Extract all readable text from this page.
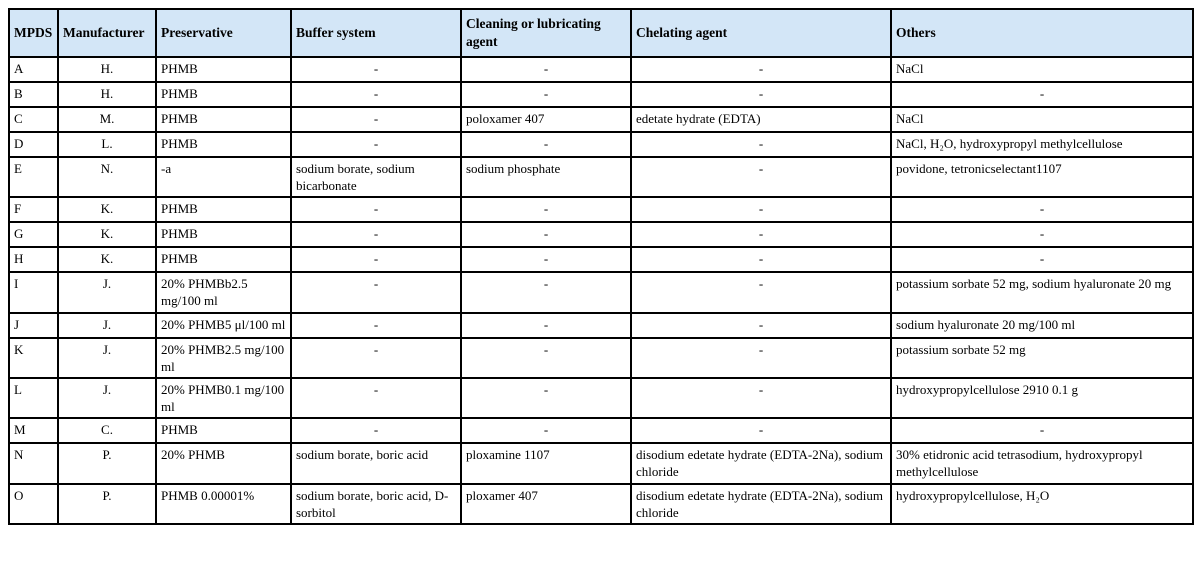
MPDS	Manufacturer	Preservative	Buffer system	Cleaning or lubricating agent	Chelating agent	Others
A	H.	PHMB	-	-	-	NaCl
B	H.	PHMB	-	-	-	-
C	M.	PHMB	-	poloxamer 407	edetate hydrate (EDTA)	NaCl
D	L.	PHMB	-	-	-	NaCl, H₂O, hydroxypropyl methylcellulose
E	N.	-a	sodium borate, sodium bicarbonate	sodium phosphate	-	povidone, tetronicselectant1107
F	K.	PHMB	-	-	-	-
G	K.	PHMB	-	-	-	-
H	K.	PHMB	-	-	-	-
I	J.	20% PHMBb2.5 mg/100 ml	-	-	-	potassium sorbate 52 mg, sodium hyaluronate 20 mg
J	J.	20% PHMB5 μl/100 ml	-	-	-	sodium hyaluronate 20 mg/100 ml
K	J.	20% PHMB2.5 mg/100 ml	-	-	-	potassium sorbate 52 mg
L	J.	20% PHMB0.1 mg/100 ml	-	-	-	hydroxypropylcellulose 2910 0.1 g
M	C.	PHMB	-	-	-	-
N	P.	20% PHMB	sodium borate, boric acid	ploxamine 1107	disodium edetate hydrate (EDTA-2Na), sodium chloride	30% etidronic acid tetrasodium, hydroxypropyl methylcellulose
O	P.	PHMB 0.00001%	sodium borate, boric acid, D-sorbitol	ploxamer 407	disodium edetate hydrate (EDTA-2Na), sodium chloride	hydroxypropylcellulose, H₂O
